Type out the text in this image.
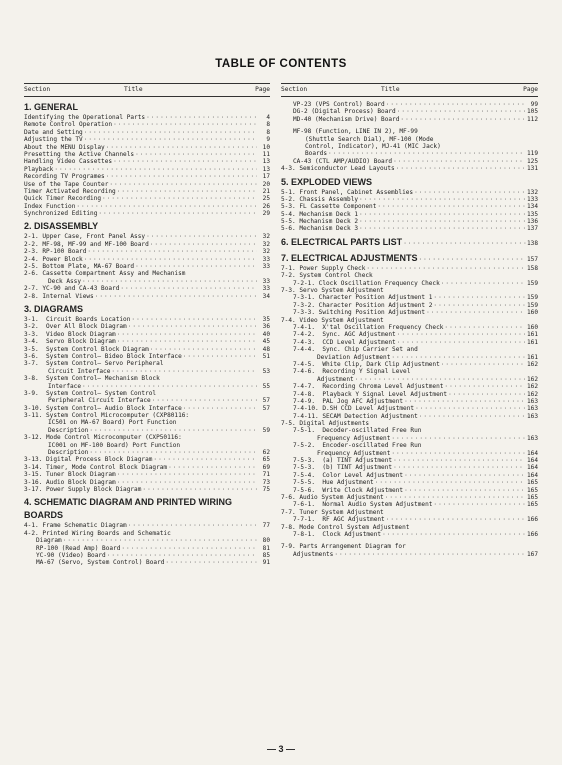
TABLE OF CONTENTS
Section	Title	Page
1. GENERAL
Identifying the Operational Parts ·····	4
Remote Control Operation ·····	8
Date and Setting ·····	8
Adjusting the TV ·····	9
About the MENU Display ·····	10
Presetting the Active Channels ·····	11
Handling Video Cassettes ·····	13
Playback ·····	13
Recording TV Programes ·····	17
Use of the Tape Counter ·····	20
Timer Activated Recording ·····	21
Quick Timer Recording ·····	25
Index Function ·····	26
Synchronized Editing ·····	29
2. DISASSEMBLY
2-1. Upper Case, Front Panel Assy ·····	32
2-2. MF-98, MF-99 and MF-100 Board ·····	32
2-3. RP-100 Board ·····	32
2-4. Power Block ·····	33
2-5. Bottom Plate, MA-67 Board ·····	33
2-6. Cassette Compartment Assy and Mechanism
Deck Assy ·····	33
2-7. YC-90 and CA-43 Board ·····	33
2-8. Internal Views ·····	34
3. DIAGRAMS
3-1.  Circuit Boards Location ·····	35
3-2.  Over All Block Diagram ·····	36
3-3.  Video Block Diagram ·····	40
3-4.  Servo Block Diagram ·····	45
3-5.  System Control Block Diagram ·····	48
3-6.  System Control— Bideo Block Interface ·····	51
3-7.  System Control— Servo Peripheral
Circuit Interface ·····	53
3-8.  System Control— Mechanism Block
Interface ·····	55
3-9.  System Control— System Control
Peripheral Circuit Interface ·····	57
3-10. System Control— Audio Block Interface ·····	57
3-11. System Control Microcomputer (CXP80116:
IC501 on MA-67 Board) Port Function
Description ·····	59
3-12. Mode Control Microcomputer (CXP50116:
IC001 on MF-100 Board) Port Function
Description ·····	62
3-13. Digital Process Block Diagram ·····	65
3-14. Timer, Mode Control Block Diagram ·····	69
3-15. Tuner Block Diagram ·····	71
3-16. Audio Block Diagram ·····	73
3-17. Power Supply Block Diagram ·····	75
4. SCHEMATIC DIAGRAM AND PRINTED WIRING
BOARDS
4-1. Frame Schematic Diagram ·····	77
4-2. Printed Wiring Boards and Schematic
Diagram ·····	80
RP-100 (Read Amp) Board ·····	81
YC-90 (Video) Board ·····	85
MA-67 (Servo, System Control) Board ·····	91
Section	Title	Page
VP-23 (VPS Control) Board ·····	99
DG-2 (Digital Process) Board ·····	105
MD-40 (Mechanism Drive) Board ·····	112
MF-98 (Function, LINE IN 2), MF-99
(Shuttle Search Dial), MF-100 (Mode
Control, Indicator), MJ-41 (MIC Jack)
Boards ·····	119
CA-43 (CTL AMP/AUDIO) Board ·····	125
4-3. Semiconductor Lead Layouts ·····	131
5. EXPLODED VIEWS
5-1. Front Panel, Cabinet Assemblies ·····	132
5-2. Chassis Assembly ·····	133
5-3. FL Cassette Component ·····	134
5-4. Mechanism Deck 1 ·····	135
5-5. Mechanism Deck 2 ·····	136
5-6. Mechanism Deck 3 ·····	137
6. ELECTRICAL PARTS LIST ·····	138
7. ELECTRICAL ADJUSTMENTS ·····	157
7-1. Power Supply Check ·····	158
7-2. System Control Check
7-2-1. Clock Oscillation Frequency Check ·····	159
7-3. Servo System Adjustment
7-3-1. Character Position Adjustment 1 ·····	159
7-3-2. Character Position Adjustment 2 ·····	159
7-3-3. Switching Position Adjustment ·····	160
7-4. Video System Adjustment
7-4-1.  X'tal Oscillation Frequency Check ·····	160
7-4-2.  Sync. AGC Adjustment ·····	161
7-4-3.  CCD Level Adjustment ·····	161
7-4-4.  Sync. Chip Carrier Set and
Deviation Adjustment ·····	161
7-4-5.  White Clip, Dark Clip Adjustment ·····	162
7-4-6.  Recording Y Signal Level
Adjustment ·····	162
7-4-7.  Recording Chroma Level Adjustment ·····	162
7-4-8.  Playback Y Signal Level Adjustment ·····	162
7-4-9.  PAL Jog AFC Adjustment ·····	163
7-4-10. D.SH CCD Level Adjustment ·····	163
7-4-11. SECAM Detection Adjustment ·····	163
7-5. Digital Adjustments
7-5-1.  Decoder-oscillated Free Run
Frequency Adjustment ·····	163
7-5-2.  Encoder-oscillated Free Run
Frequency Adjustment ·····	164
7-5-3.  (a) TINT Adjustment ·····	164
7-5-3.  (b) TINT Adjustment ·····	164
7-5-4.  Color Level Adjustment ·····	164
7-5-5.  Hue Adjustment ·····	165
7-5-6.  Write Clock Adjustment ·····	165
7-6. Audio System Adjustment ·····	165
7-6-1.  Normal Audio System Adjustment ·····	165
7-7. Tuner System Adjustment
7-7-1.  RF AGC Adjustment ·····	166
7-8. Mode Control System Adjustment
7-8-1.  Clock Adjustment ·····	166
7-9. Parts Arrangement Diagram for
Adjustments ·····	167
— 3 —
